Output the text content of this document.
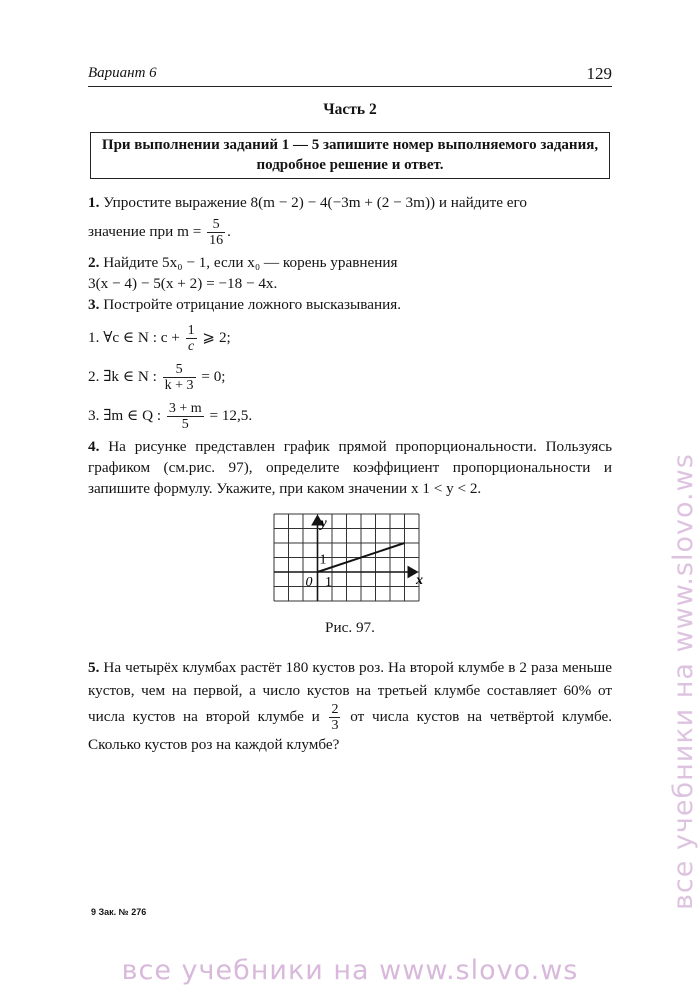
Вариант 6	129
Часть 2
При выполнении заданий 1 — 5 запишите номер выполняемого задания, подробное решение и ответ.
1. Упростите выражение 8(m − 2) − 4(−3m + (2 − 3m)) и найдите его
значение при $m = \frac{5}{16}$ .
2. Найдите 5x₀ − 1, если x₀ — корень уравнения
3(x − 4) − 5(x + 2) = −18 − 4x.
3. Постройте отрицание ложного высказывания.
1. ∀c ∈ N : $c + \frac{1}{c}$ ⩾ 2;
2. ∃k ∈ N : $\frac{5}{k + 3} = 0$;
3. ∃m ∈ Q : $\frac{3 + m}{5} = 12,5$.
4. На рисунке представлен график прямой пропорциональности. Пользуясь графиком (см.рис. 97), определите коэффициент пропорциональности и запишите формулу. Укажите, при каком значении x 1 < y < 2.
y
x
0 1
1
Рис. 97.
5. На четырёх клумбах растёт 180 кустов роз. На второй клумбе в 2 раза меньше кустов, чем на первой, а число кустов на третьей клумбе составляет 60% от числа кустов на второй клумбе и $\frac{2}{3}$ от числа кустов на четвёртой клумбе. Сколько кустов роз на каждой клумбе?
9 Зак. № 276
все учебники на www.slovo.ws
все учебники на www.slovo.ws
